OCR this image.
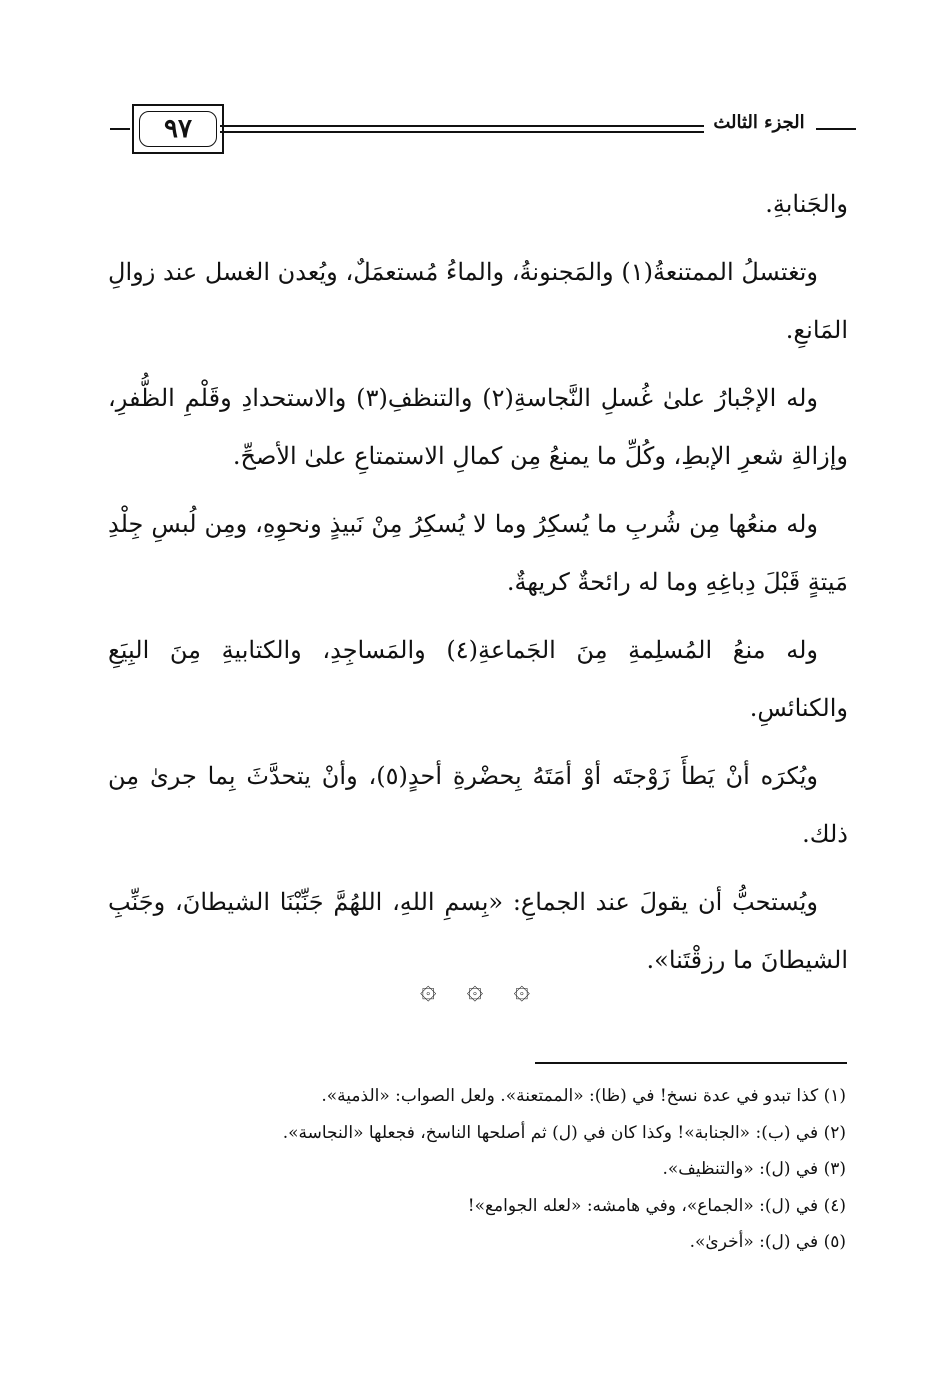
٩٧	الجزء الثالث

والجَنابةِ.

وتغتسلُ الممتنعةُ(١) والمَجنونةُ، والماءُ مُستعمَلٌ، ويُعدن الغسل عند زوالِ المَانعِ.

وله الإجْبارُ علىٰ غُسلِ النَّجاسةِ(٢) والتنظفِ(٣) والاستحدادِ وقَلْمِ الظُّفرِ، وإزالةِ شعرِ الإبطِ، وكُلِّ ما يمنعُ مِن كمالِ الاستمتاعِ علىٰ الأصحِّ.

وله منعُها مِن شُربِ ما يُسكِرُ وما لا يُسكِرُ مِنْ نَبيذٍ ونحوِهِ، ومِن لُبسِ جِلْدِ مَيتةٍ قَبْلَ دِباغِهِ وما له رائحةٌ كريهةٌ.

وله منعُ المُسلِمةِ مِنَ الجَماعةِ(٤) والمَساجِدِ، والكتابيةِ مِنَ البِيَعِ والكنائسِ.

ويُكرَه أنْ يَطأَ زَوْجتَه أوْ أمَتَهُ بِحضْرةِ أحدٍ(٥)، وأنْ يتحدَّثَ بِما جرىٰ مِن ذلك.

ويُستحبُّ أن يقولَ عند الجماعِ: «بِسمِ اللهِ، اللهُمَّ جَنِّبْنَا الشيطانَ، وجَنِّبِ الشيطانَ ما رزقْتَنا».

۞
۞
۞
(١) كذا تبدو في عدة نسخ! في (ظا): «الممتعنة». ولعل الصواب: «الذمية».
(٢) في (ب): «الجنابة»! وكذا كان في (ل) ثم أصلحها الناسخ، فجعلها «النجاسة».
(٣) في (ل): «والتنظيف».
(٤) في (ل): «الجماع»، وفي هامشه: «لعله الجوامع»!
(٥) في (ل): «أخرىٰ».
